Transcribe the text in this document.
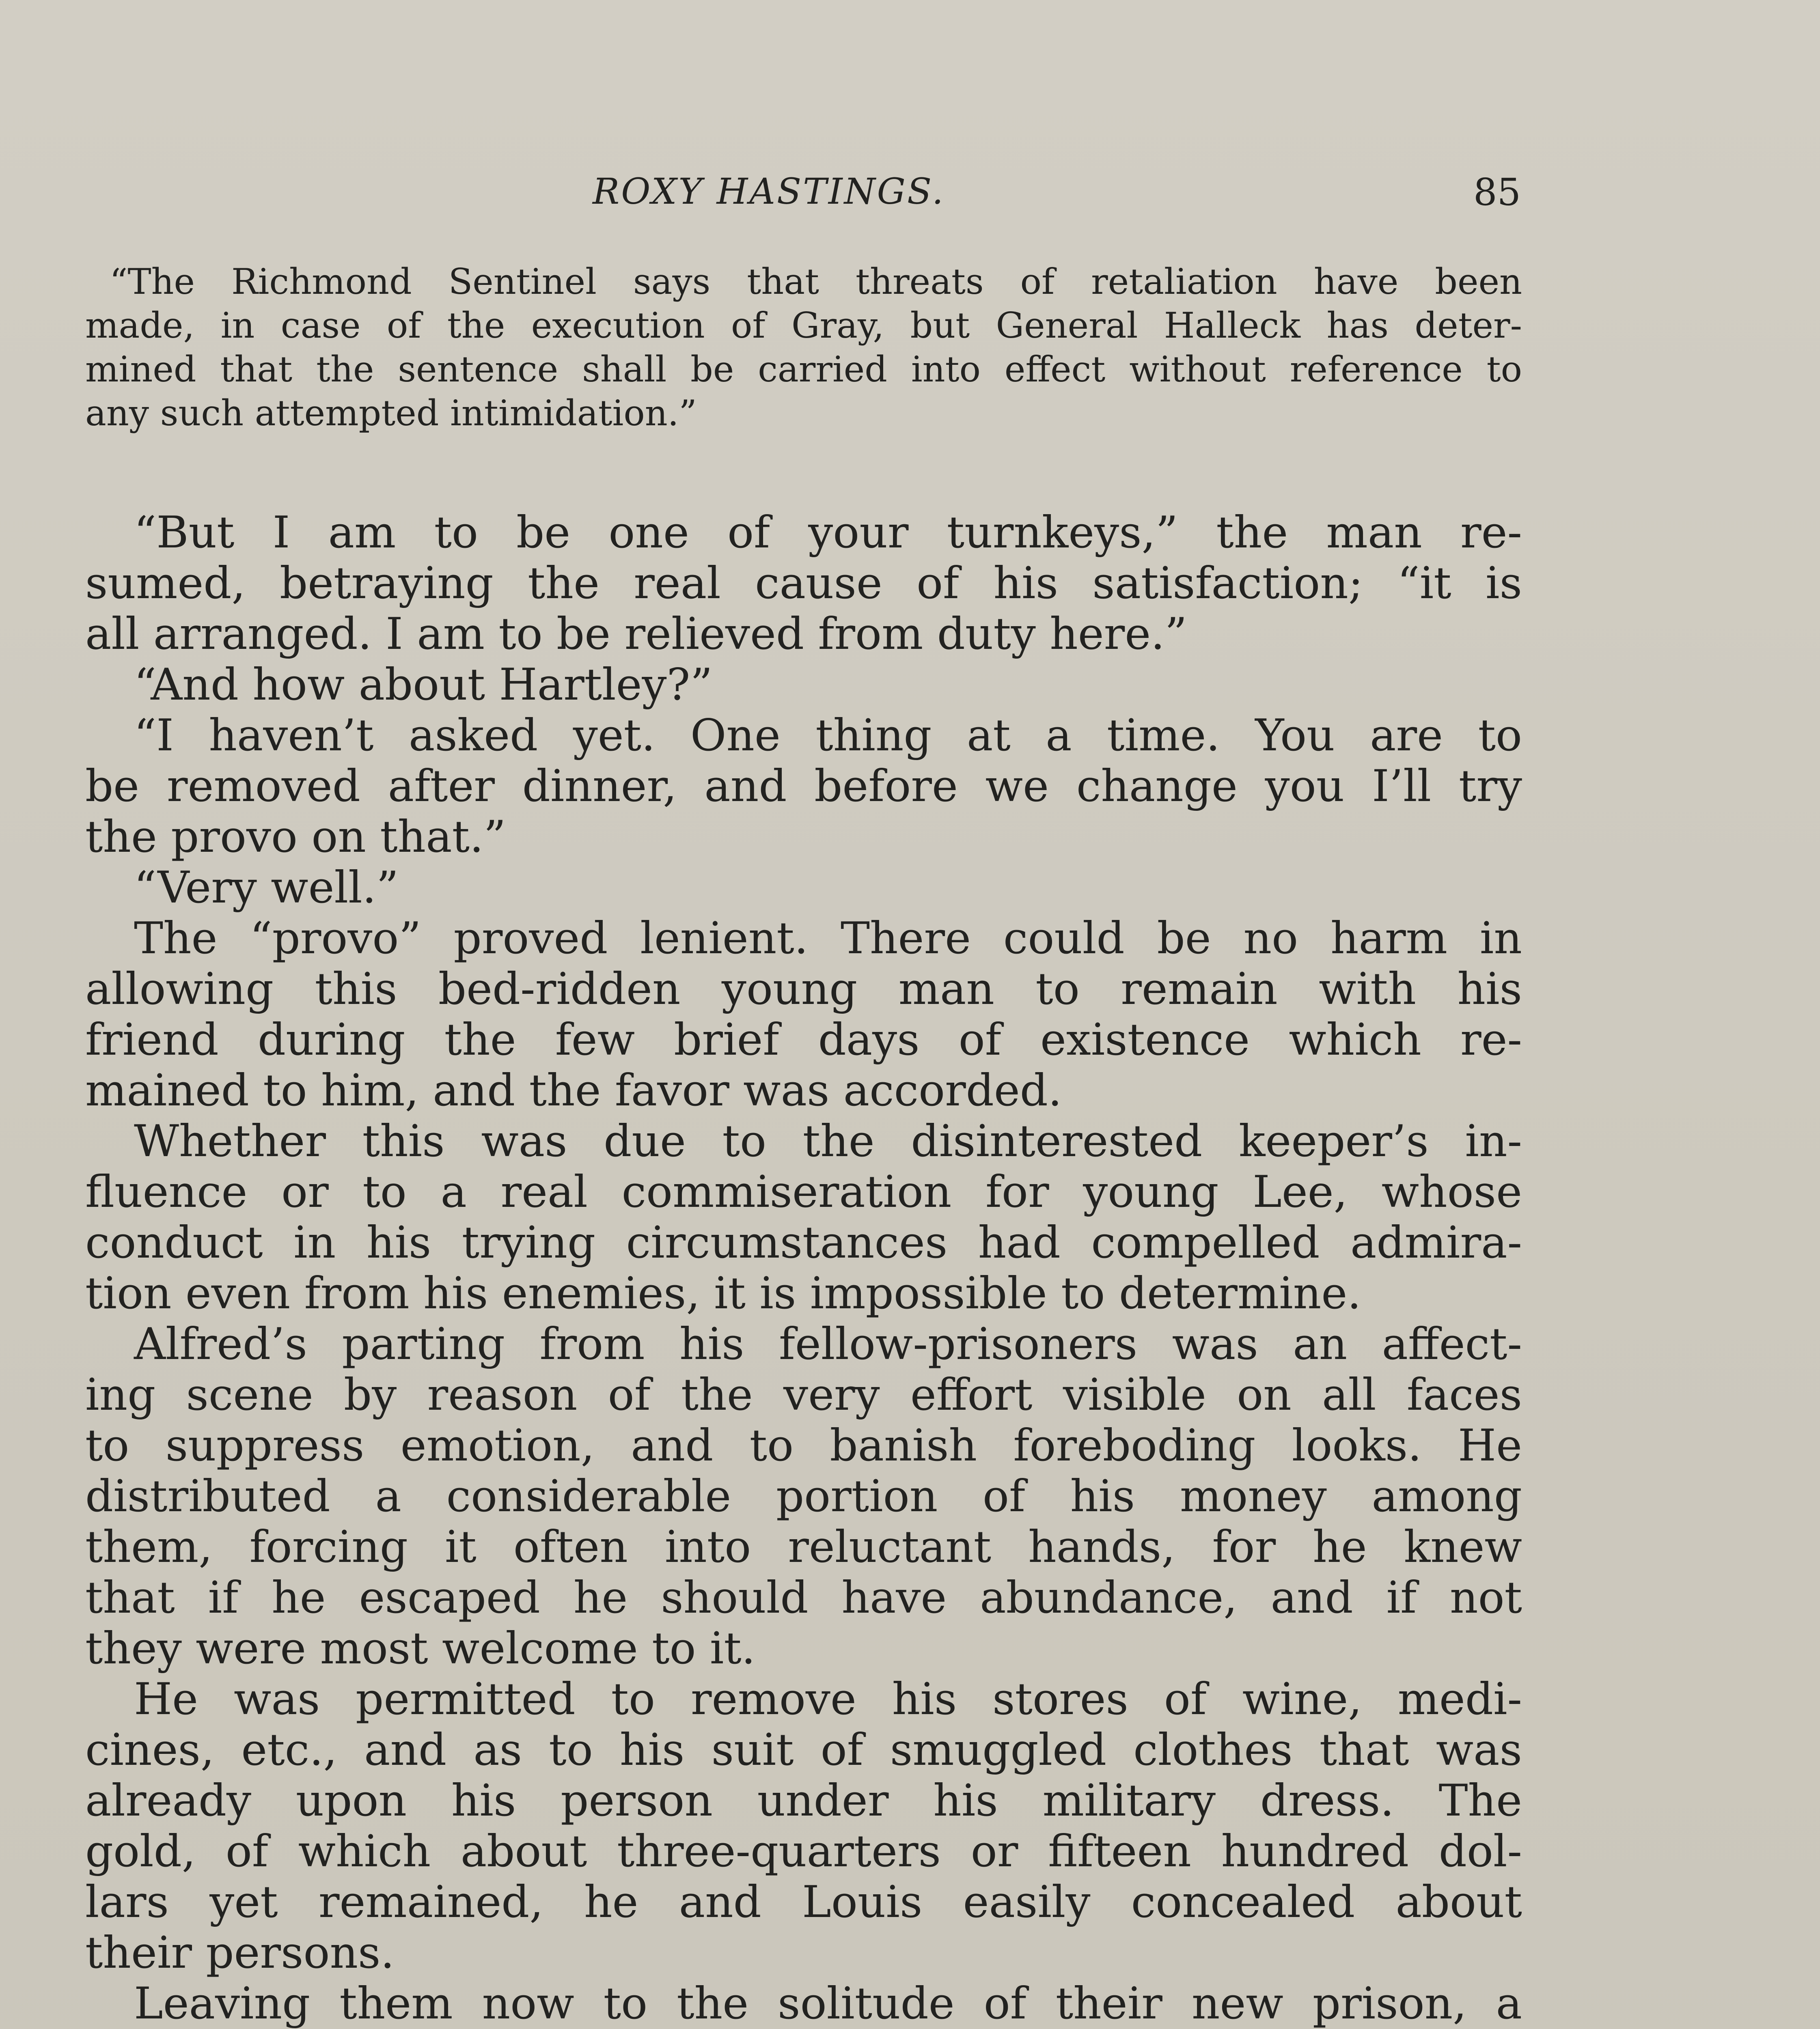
ROXY HASTINGS.	85
“The Richmond Sentinel says that threats of retaliation have been
made, in case of the execution of Gray, but General Halleck has deter-
mined that the sentence shall be carried into effect without reference to
any such attempted intimidation.”
“But I am to be one of your turnkeys,” the man re-
sumed, betraying the real cause of his satisfaction; “it is
all arranged. I am to be relieved from duty here.”
“And how about Hartley?”
“I haven’t asked yet. One thing at a time. You are to
be removed after dinner, and before we change you I’ll try
the provo on that.”
“Very well.”
The “provo” proved lenient. There could be no harm in
allowing this bed-ridden young man to remain with his
friend during the few brief days of existence which re-
mained to him, and the favor was accorded.
Whether this was due to the disinterested keeper’s in-
fluence or to a real commiseration for young Lee, whose
conduct in his trying circumstances had compelled admira-
tion even from his enemies, it is impossible to determine.
Alfred’s parting from his fellow-prisoners was an affect-
ing scene by reason of the very effort visible on all faces
to suppress emotion, and to banish foreboding looks. He
distributed a considerable portion of his money among
them, forcing it often into reluctant hands, for he knew
that if he escaped he should have abundance, and if not
they were most welcome to it.
He was permitted to remove his stores of wine, medi-
cines, etc., and as to his suit of smuggled clothes that was
already upon his person under his military dress. The
gold, of which about three-quarters or fifteen hundred dol-
lars yet remained, he and Louis easily concealed about
their persons.
Leaving them now to the solitude of their new prison, a
